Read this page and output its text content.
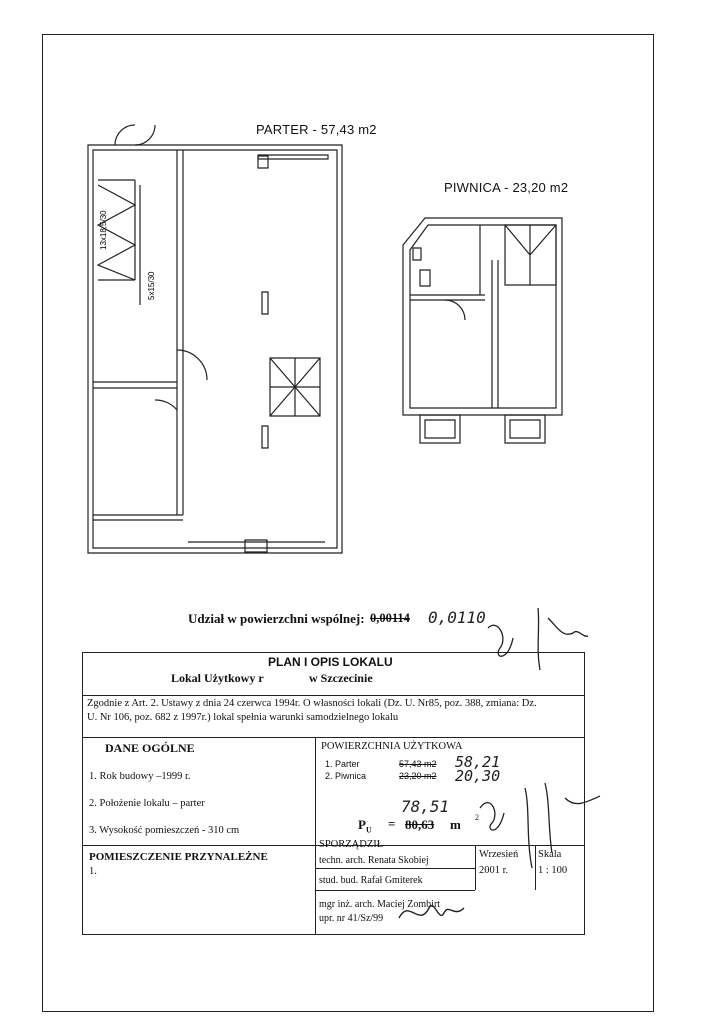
PARTER - 57,43 m2
PIWNICA - 23,20 m2
13x18,5/30
5x15/30
Udział w powierzchni wspólnej: 0,00114 0,0110
PLAN I OPIS LOKALU
Lokal Użytkowy r	w Szczecinie
Zgodnie z Art. 2. Ustawy z dnia 24 czerwca 1994r. O własności lokali (Dz. U. Nr85, poz. 388, zmiana: Dz.
U. Nr 106, poz. 682 z 1997r.) lokal spełnia warunki samodzielnego lokalu
DANE OGÓLNE
1. Rok budowy –1999 r.
2. Położenie lokalu – parter
3. Wysokość pomieszczeń - 310 cm
POWIERZCHNIA UŻYTKOWA
1. Parter	57,43 m2 58,21
2. Piwnica	23,20 m2 20,30
78,51
$P_U = 80,63$ m 2
POMIESZCZENIE PRZYNALEŻNE
1.
SPORZĄDZIŁ
techn. arch. Renata Skobiej
stud. bud. Rafał Gmiterek
mgr inż. arch. Maciej Zombirt
upr. nr 41/Sz/99
Wrzesień
2001 r.
Skala
1 : 100
